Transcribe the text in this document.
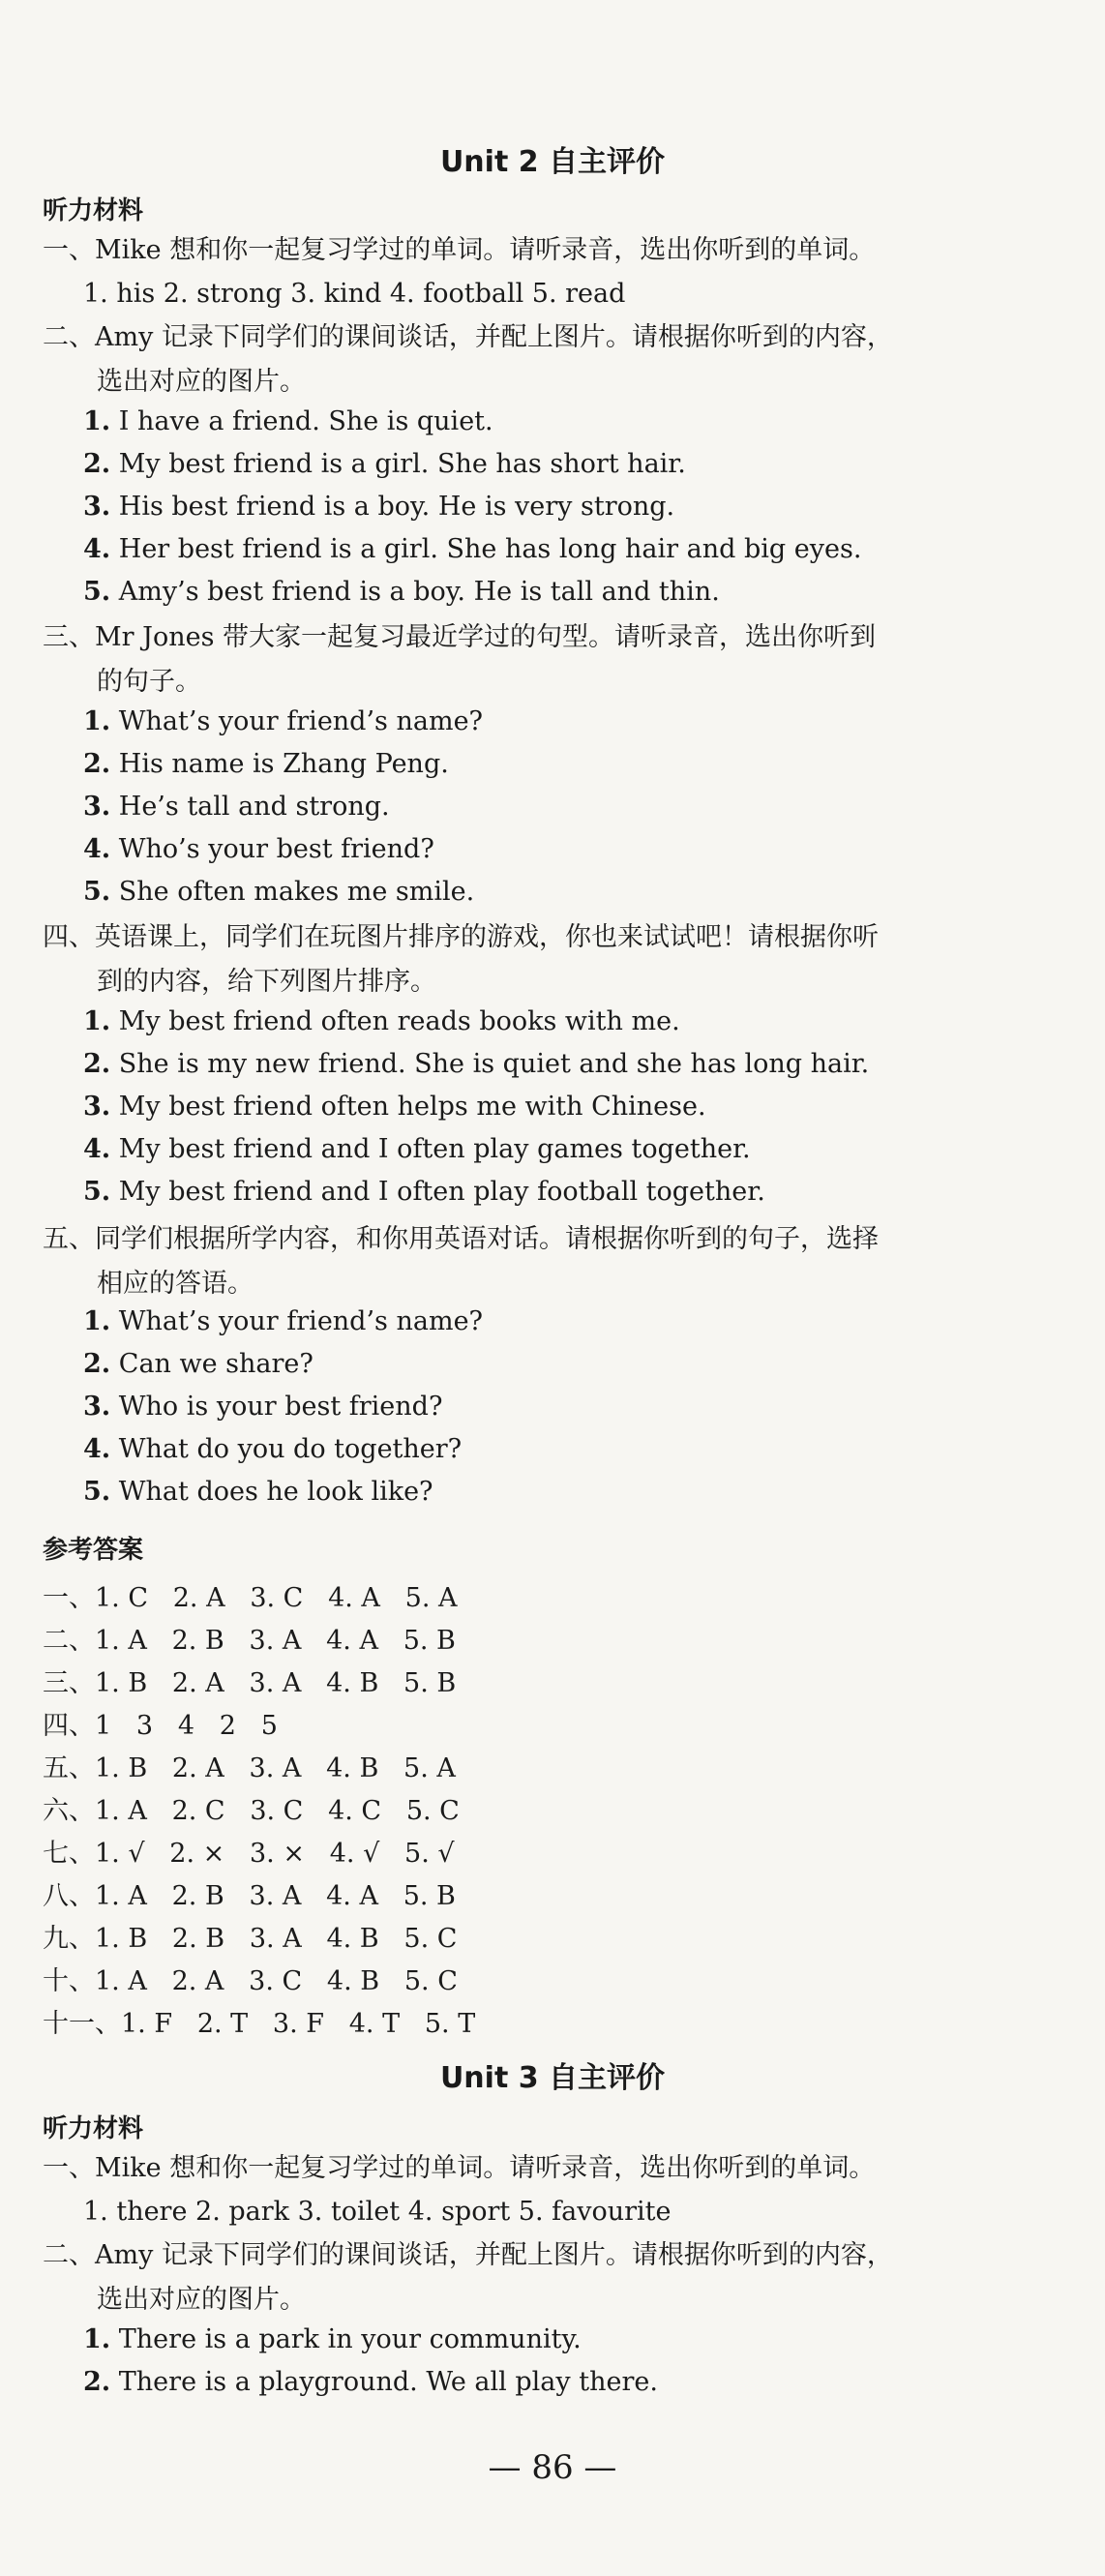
Unit 2 自主评价
听力材料
一、Mike 想和你一起复习学过的单词。请听录音，选出你听到的单词。
1. his 2. strong 3. kind 4. football 5. read
二、Amy 记录下同学们的课间谈话，并配上图片。请根据你听到的内容，
选出对应的图片。
1. I have a friend. She is quiet.
2. My best friend is a girl. She has short hair.
3. His best friend is a boy. He is very strong.
4. Her best friend is a girl. She has long hair and big eyes.
5. Amy’s best friend is a boy. He is tall and thin.
三、Mr Jones 带大家一起复习最近学过的句型。请听录音，选出你听到
的句子。
1. What’s your friend’s name?
2. His name is Zhang Peng.
3. He’s tall and strong.
4. Who’s your best friend?
5. She often makes me smile.
四、英语课上，同学们在玩图片排序的游戏，你也来试试吧！请根据你听
到的内容，给下列图片排序。
1. My best friend often reads books with me.
2. She is my new friend. She is quiet and she has long hair.
3. My best friend often helps me with Chinese.
4. My best friend and I often play games together.
5. My best friend and I often play football together.
五、同学们根据所学内容，和你用英语对话。请根据你听到的句子，选择
相应的答语。
1. What’s your friend’s name?
2. Can we share?
3. Who is your best friend?
4. What do you do together?
5. What does he look like?
参考答案
一、1. C   2. A   3. C   4. A   5. A
二、1. A   2. B   3. A   4. A   5. B
三、1. B   2. A   3. A   4. B   5. B
四、1   3   4   2   5
五、1. B   2. A   3. A   4. B   5. A
六、1. A   2. C   3. C   4. C   5. C
七、1. √   2. ×   3. ×   4. √   5. √
八、1. A   2. B   3. A   4. A   5. B
九、1. B   2. B   3. A   4. B   5. C
十、1. A   2. A   3. C   4. B   5. C
十一、1. F   2. T   3. F   4. T   5. T
Unit 3 自主评价
听力材料
一、Mike 想和你一起复习学过的单词。请听录音，选出你听到的单词。
1. there 2. park 3. toilet 4. sport 5. favourite
二、Amy 记录下同学们的课间谈话，并配上图片。请根据你听到的内容，
选出对应的图片。
1. There is a park in your community.
2. There is a playground. We all play there.
— 86 —
